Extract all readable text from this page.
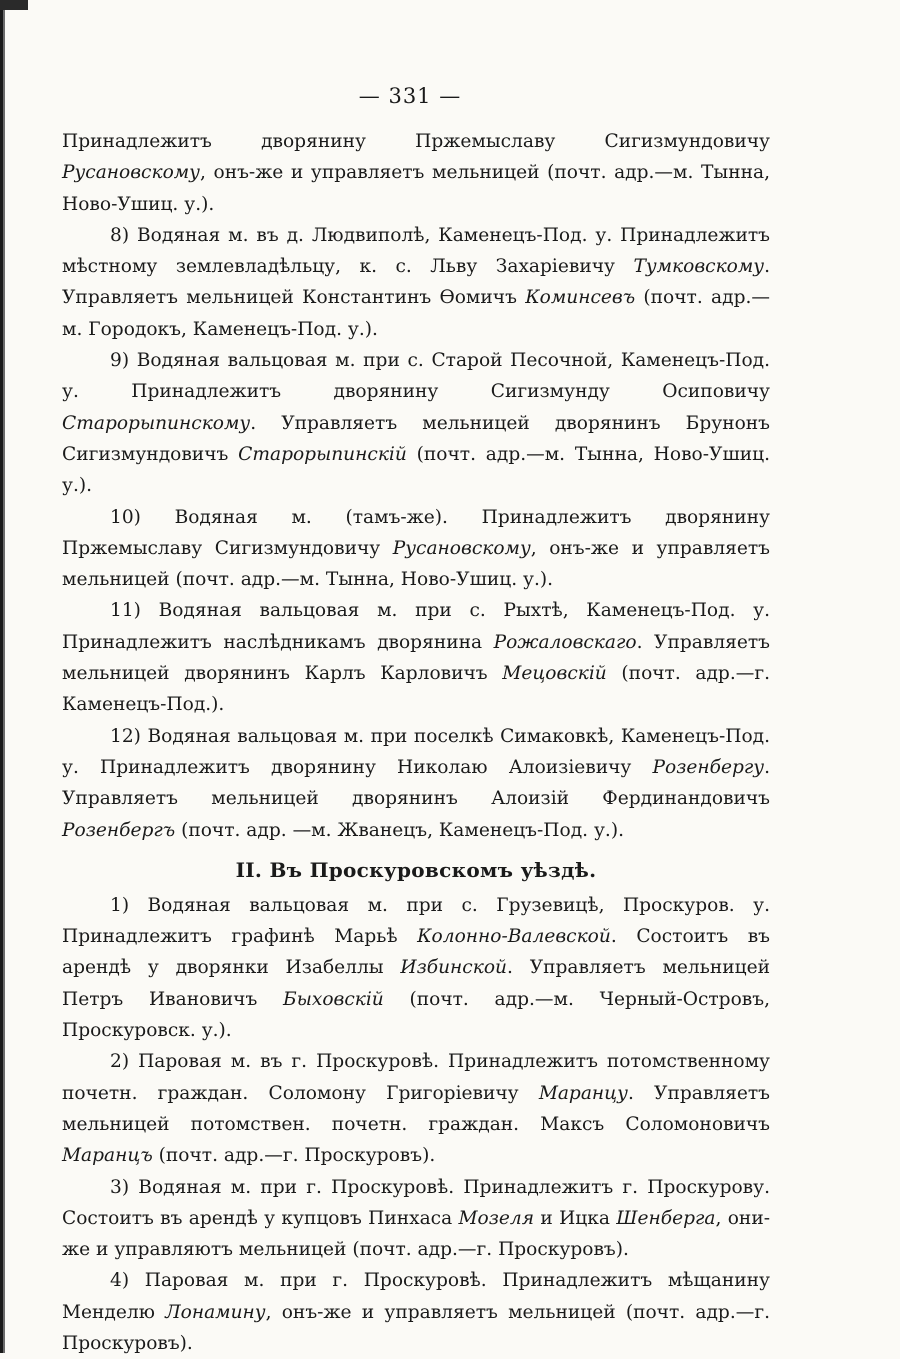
— 331 —

Принадлежитъ дворянину Пржемыславу Сигизмундовичу Русановскому, онъ-же и управляетъ мельницей (почт. адр.—м. Тынна, Ново-Ушиц. у.).

8) Водяная м. въ д. Людвиполѣ, Каменецъ-Под. у. Принадлежитъ мѣстному землевладѣльцу, к. с. Льву Захаріевичу Тумковскому. Управляетъ мельницей Константинъ Ѳомичъ Коминсевъ (почт. адр.—м. Городокъ, Каменецъ-Под. у.).

9) Водяная вальцовая м. при с. Старой Песочной, Каменецъ-Под. у. Принадлежитъ дворянину Сигизмунду Осиповичу Старорыпинскому. Управляетъ мельницей дворянинъ Брунонъ Сигизмундовичъ Старорыпинскій (почт. адр.—м. Тынна, Ново-Ушиц. у.).

10) Водяная м. (тамъ-же). Принадлежитъ дворянину Пржемыславу Сигизмундовичу Русановскому, онъ-же и управляетъ мельницей (почт. адр.—м. Тынна, Ново-Ушиц. у.).

11) Водяная вальцовая м. при с. Рыхтѣ, Каменецъ-Под. у. Принадлежитъ наслѣдникамъ дворянина Рожаловскаго. Управляетъ мельницей дворянинъ Карлъ Карловичъ Мецовскій (почт. адр.—г. Каменецъ-Под.).

12) Водяная вальцовая м. при поселкѣ Симаковкѣ, Каменецъ-Под. у. Принадлежитъ дворянину Николаю Алоизіевичу Розенбергу. Управляетъ мельницей дворянинъ Алоизій Фердинандовичъ Розенбергъ (почт. адр. —м. Жванецъ, Каменецъ-Под. у.).

II. Въ Проскуровскомъ уѣздѣ.

1) Водяная вальцовая м. при с. Грузевицѣ, Проскуров. у. Принадлежитъ графинѣ Марьѣ Колонно-Валевской. Состоитъ въ арендѣ у дворянки Изабеллы Избинской. Управляетъ мельницей Петръ Ивановичъ Быховскій (почт. адр.—м. Черный-Островъ, Проскуровск. у.).

2) Паровая м. въ г. Проскуровѣ. Принадлежитъ потомственному почетн. граждан. Соломону Григоріевичу Маранцу. Управляетъ мельницей потомствен. почетн. граждан. Максъ Соломоновичъ Маранцъ (почт. адр.—г. Проскуровъ).

3) Водяная м. при г. Проскуровѣ. Принадлежитъ г. Проскурову. Состоитъ въ арендѣ у купцовъ Пинхаса Мозеля и Ицка Шенберга, они-же и управляютъ мельницей (почт. адр.—г. Проскуровъ).

4) Паровая м. при г. Проскуровѣ. Принадлежитъ мѣщанину Менделю Лонамину, онъ-же и управляетъ мельницей (почт. адр.—г. Проскуровъ).
